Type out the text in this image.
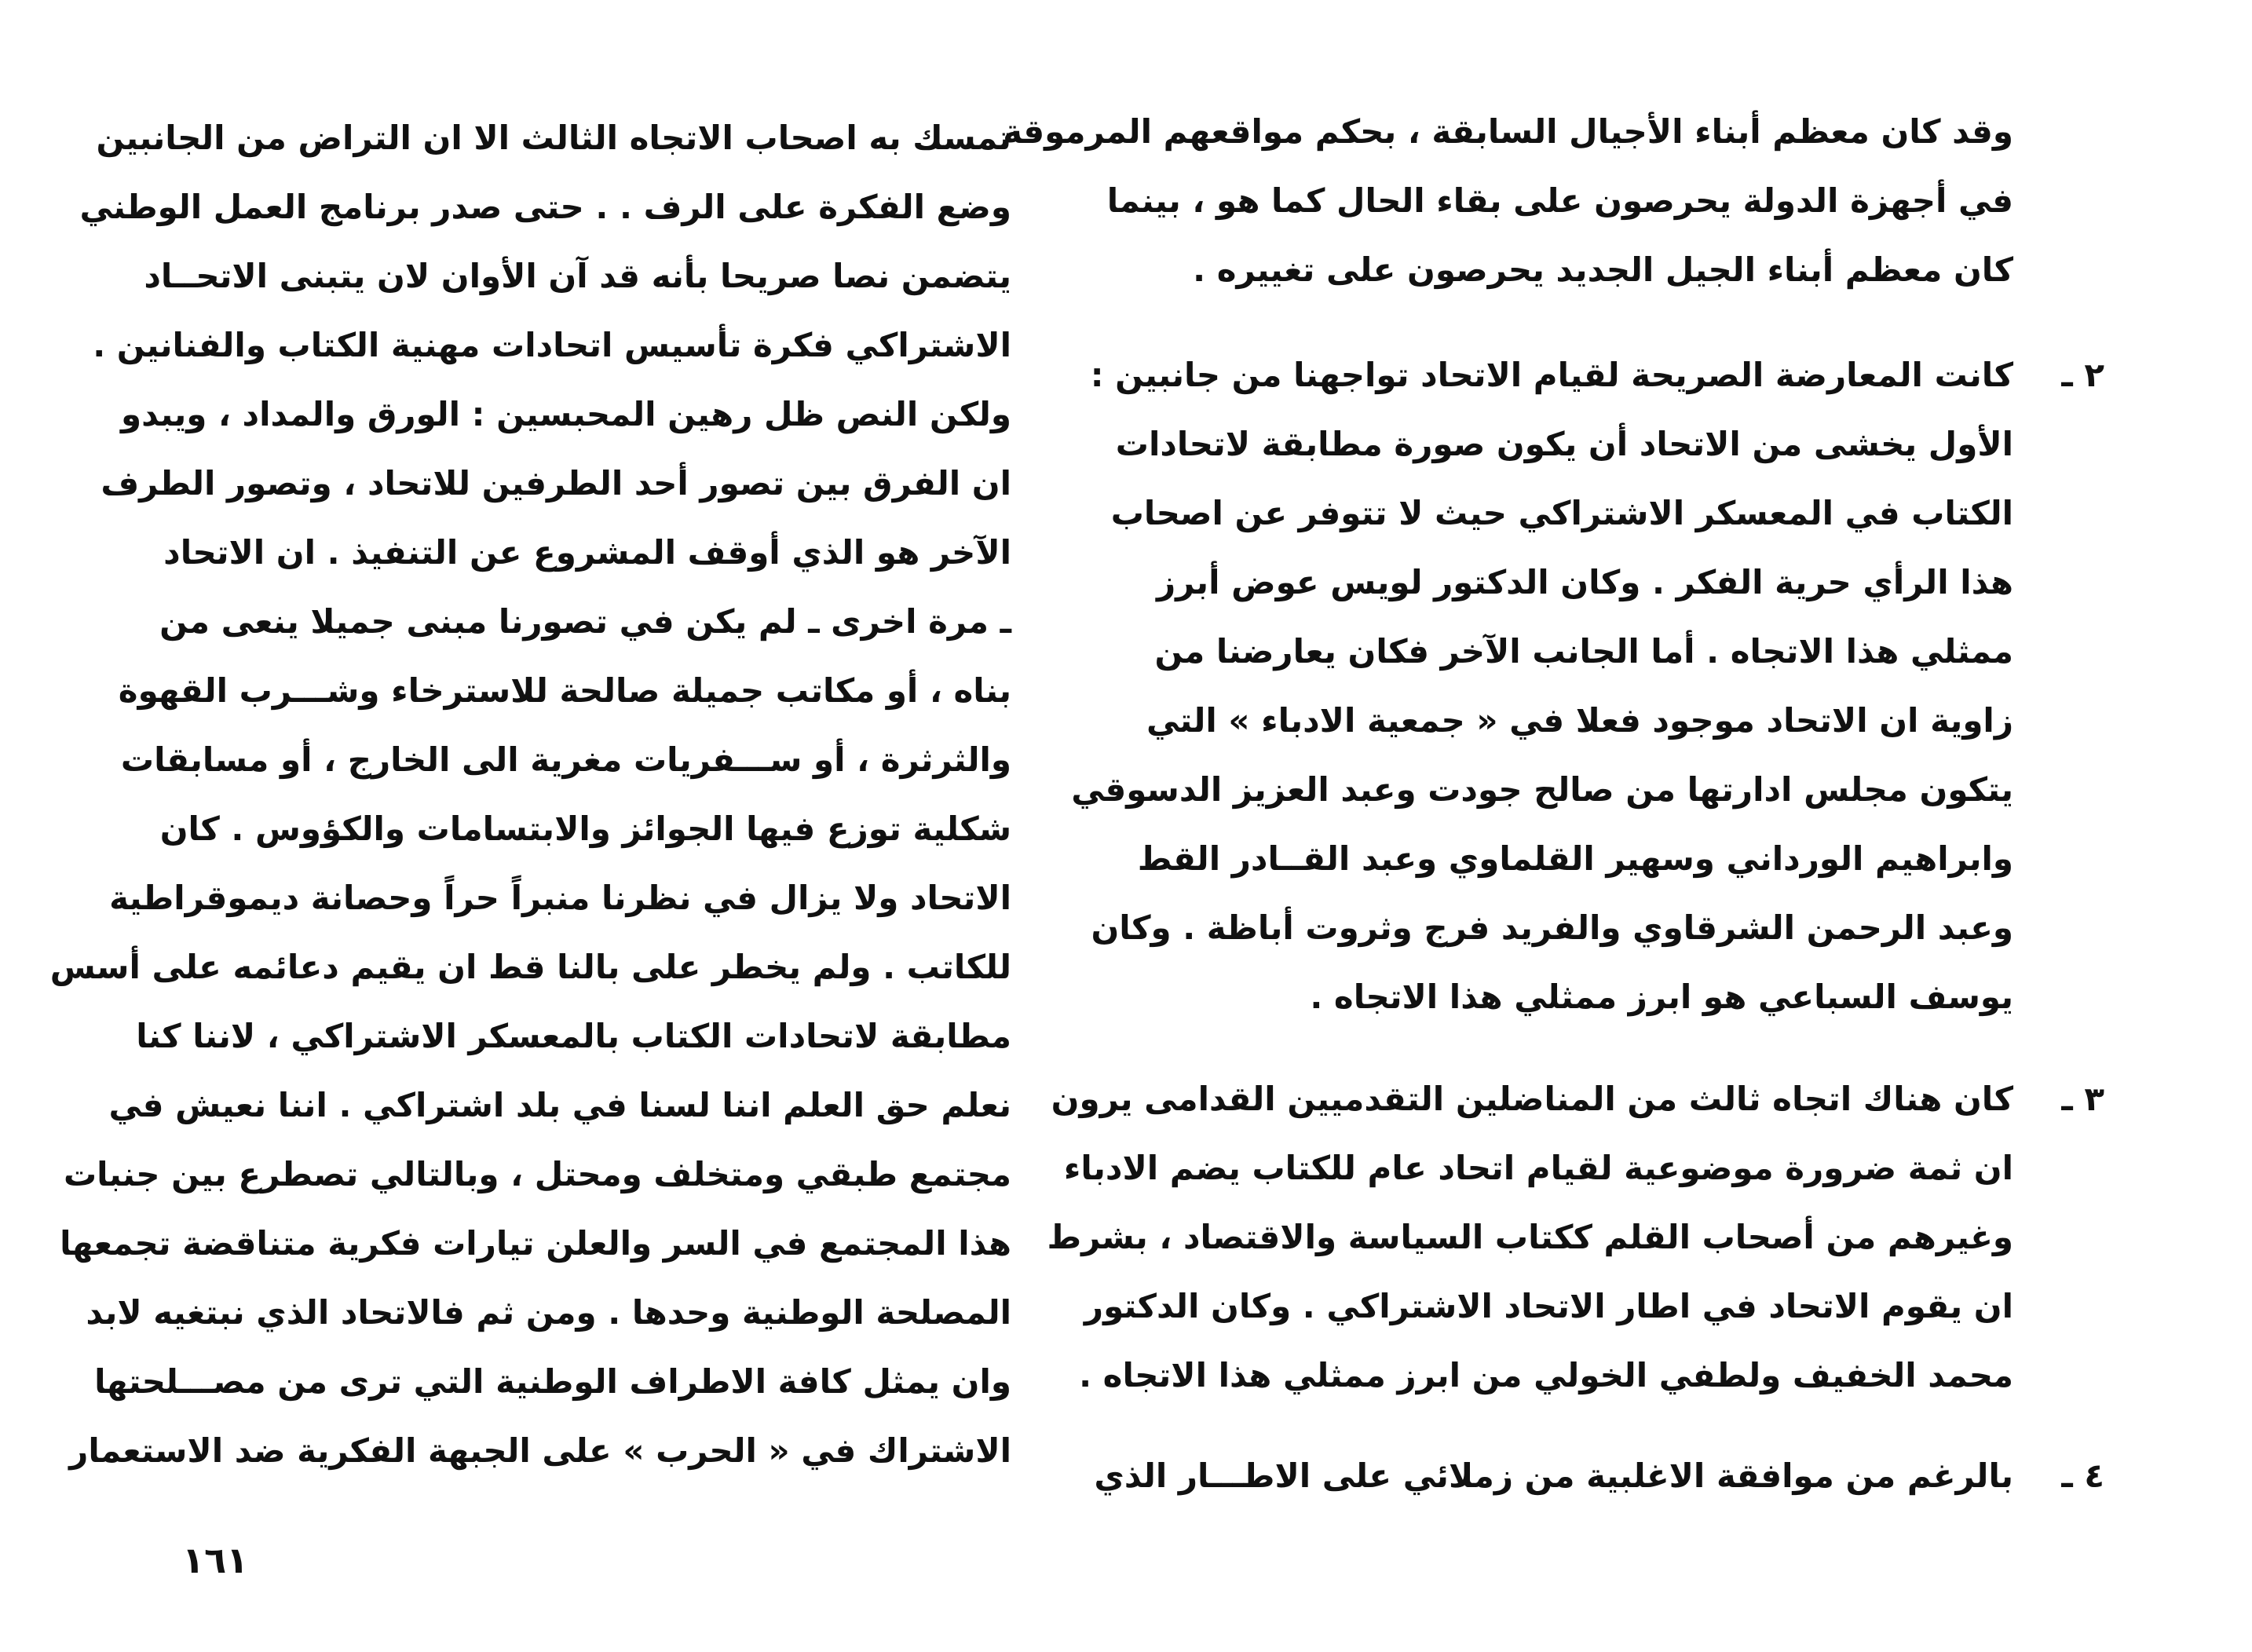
وقد كان معظم أبناء الأجيال السابقة ، بحكم مواقعهم المرموقة
في أجهزة الدولة يحرصون على بقاء الحال كما هو ، بينما
كان معظم أبناء الجيل الجديد يحرصون على تغييره .
٢ ـ
كانت المعارضة الصريحة لقيام الاتحاد تواجهنا من جانبين :
الأول يخشى من الاتحاد أن يكون صورة مطابقة لاتحادات
الكتاب في المعسكر الاشتراكي حيث لا تتوفر عن اصحاب
هذا الرأي حرية الفكر . وكان الدكتور لويس عوض أبرز
ممثلي هذا الاتجاه . أما الجانب الآخر فكان يعارضنا من
زاوية ان الاتحاد موجود فعلا في « جمعية الادباء » التي
يتكون مجلس ادارتها من صالح جودت وعبد العزيز الدسوقي
وابراهيم الورداني وسهير القلماوي وعبد القــادر القط
وعبد الرحمن الشرقاوي والفريد فرج وثروت أباظة . وكان
يوسف السباعي هو ابرز ممثلي هذا الاتجاه .
٣ ـ
كان هناك اتجاه ثالث من المناضلين التقدميين القدامى يرون
ان ثمة ضرورة موضوعية لقيام اتحاد عام للكتاب يضم الادباء
وغيرهم من أصحاب القلم ككتاب السياسة والاقتصاد ، بشرط
ان يقوم الاتحاد في اطار الاتحاد الاشتراكي . وكان الدكتور
محمد الخفيف ولطفي الخولي من ابرز ممثلي هذا الاتجاه .
٤ ـ
بالرغم من موافقة الاغلبية من زملائي على الاطـــار الذي
تمسك به اصحاب الاتجاه الثالث الا ان التراض من الجانبين
وضع الفكرة على الرف . . حتى صدر برنامج العمل الوطني
يتضمن نصا صريحا بأنه قد آن الأوان لان يتبنى الاتحــاد
الاشتراكي فكرة تأسيس اتحادات مهنية الكتاب والفنانين .
ولكن النص ظل رهين المحبسين : الورق والمداد ، ويبدو
ان الفرق بين تصور أحد الطرفين للاتحاد ، وتصور الطرف
الآخر هو الذي أوقف المشروع عن التنفيذ . ان الاتحاد
ـ مرة اخرى ـ لم يكن في تصورنا مبنى جميلا ينعى من
بناه ، أو مكاتب جميلة صالحة للاسترخاء وشـــرب القهوة
والثرثرة ، أو ســـفريات مغرية الى الخارج ، أو مسابقات
شكلية توزع فيها الجوائز والابتسامات والكؤوس . كان
الاتحاد ولا يزال في نظرنا منبراً حراً وحصانة ديموقراطية
للكاتب . ولم يخطر على بالنا قط ان يقيم دعائمه على أسس
مطابقة لاتحادات الكتاب بالمعسكر الاشتراكي ، لاننا كنا
نعلم حق العلم اننا لسنا في بلد اشتراكي . اننا نعيش في
مجتمع طبقي ومتخلف ومحتل ، وبالتالي تصطرع بين جنبات
هذا المجتمع في السر والعلن تيارات فكرية متناقضة تجمعها
المصلحة الوطنية وحدها . ومن ثم فالاتحاد الذي نبتغيه لابد
وان يمثل كافة الاطراف الوطنية التي ترى من مصـــلحتها
الاشتراك في « الحرب » على الجبهة الفكرية ضد الاستعمار
١٦١
